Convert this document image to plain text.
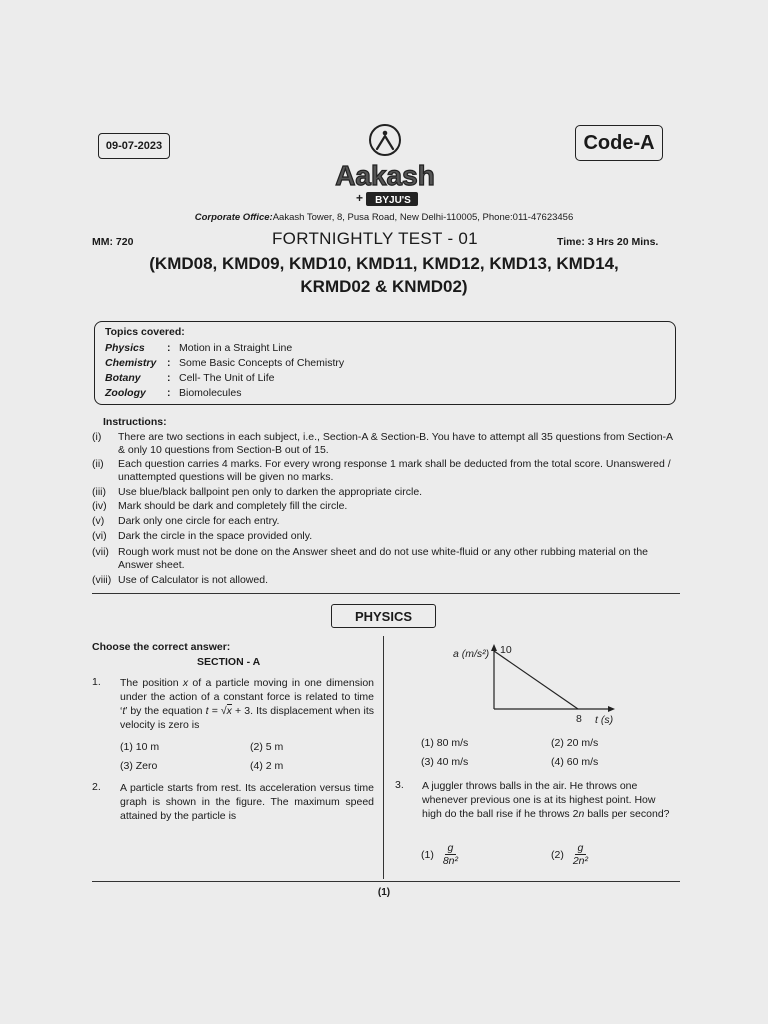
09-07-2023
Aakash
+ BYJU'S
Code-A
Corporate Office:Aakash Tower, 8, Pusa Road, New Delhi-110005, Phone:011-47623456
MM: 720	FORTNIGHTLY TEST - 01	Time: 3 Hrs 20 Mins.
(KMD08, KMD09, KMD10, KMD11, KMD12, KMD13, KMD14,
KRMD02 & KNMD02)
Topics covered:
Physics	: Motion in a Straight Line
Chemistry	: Some Basic Concepts of Chemistry
Botany	: Cell- The Unit of Life
Zoology	: Biomolecules
Instructions:
(i) There are two sections in each subject, i.e., Section-A & Section-B. You have to attempt all 35 questions from Section-A & only 10 questions from Section-B out of 15.
(ii) Each question carries 4 marks. For every wrong response 1 mark shall be deducted from the total score. Unanswered / unattempted questions will be given no marks.
(iii) Use blue/black ballpoint pen only to darken the appropriate circle.
(iv) Mark should be dark and completely fill the circle.
(v) Dark only one circle for each entry.
(vi) Dark the circle in the space provided only.
(vii) Rough work must not be done on the Answer sheet and do not use white-fluid or any other rubbing material on the Answer sheet.
(viii) Use of Calculator is not allowed.
PHYSICS
Choose the correct answer:
SECTION - A
1. The position x of a particle moving in one dimension under the action of a constant force is related to time ‘t’ by the equation t = √x + 3. Its displacement when its velocity is zero is
(1) 10 m	(2) 5 m
(3) Zero	(4) 2 m
2. A particle starts from rest. Its acceleration versus time graph is shown in the figure. The maximum speed attained by the particle is
a (m/s²) 10
8 t (s)
(1) 80 m/s	(2) 20 m/s
(3) 40 m/s	(4) 60 m/s
3. A juggler throws balls in the air. He throws one whenever previous one is at its highest point. How high do the ball rise if he throws 2n balls per second?
$(1) \frac{g}{\text{8n²}}$	$(2) \frac{g}{\text{2n²}}$
(1)
